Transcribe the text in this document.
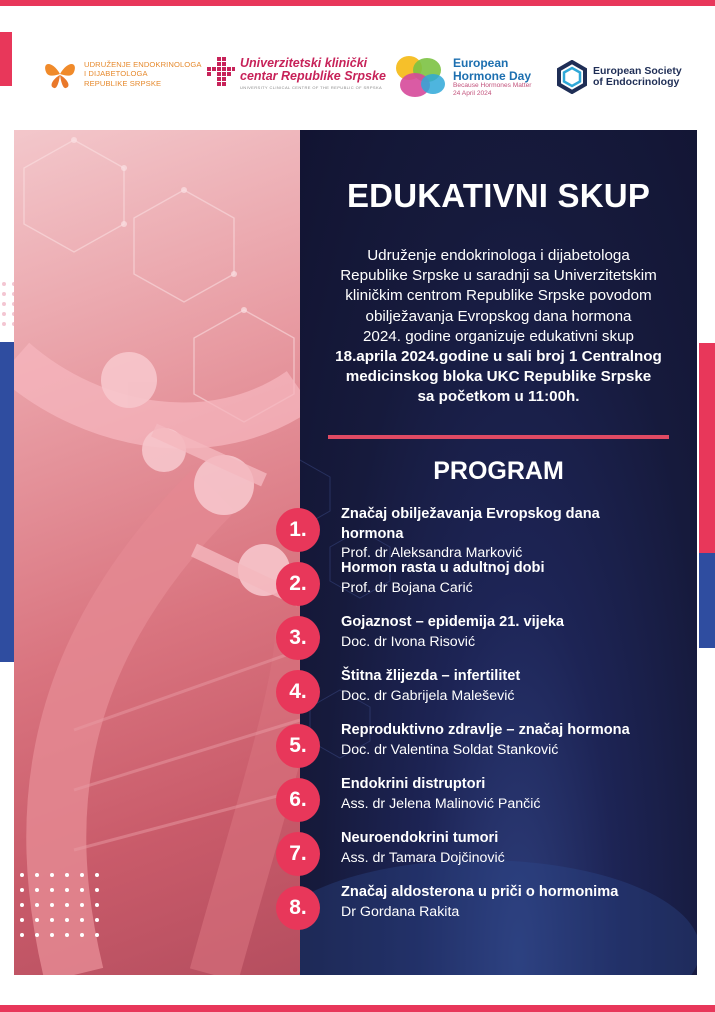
UDRUŽENJE ENDOKRINOLOGA
I DIJABETOLOGA
REPUBLIKE SRPSKE
Univerzitetski klinički
centar Republike Srpske
UNIVERSITY CLINICAL CENTRE OF THE REPUBLIC OF SRPSKA
European
Hormone Day
Because Hormones Matter
24 April 2024
European Society
of Endocrinology
EDUKATIVNI SKUP
Udruženje endokrinologa i dijabetologa
Republike Srpske u saradnji sa Univerzitetskim
kliničkim centrom Republike Srpske povodom
obilježavanja Evropskog dana hormona
2024. godine organizuje edukativni skup
18.aprila 2024.godine u sali broj 1 Centralnog
medicinskog bloka UKC Republike Srpske
sa početkom u 11:00h.
PROGRAM
1.
Značaj obilježavanja Evropskog dana
hormona
Prof. dr Aleksandra Marković
2.
Hormon rasta u adultnoj dobi
Prof. dr Bojana Carić
3.
Gojaznost – epidemija 21. vijeka
Doc. dr Ivona Risović
4.
Štitna žlijezda – infertilitet
Doc. dr Gabrijela Malešević
5.
Reproduktivno zdravlje – značaj hormona
Doc. dr Valentina Soldat Stanković
6.
Endokrini distruptori
Ass. dr Jelena Malinović Pančić
7.
Neuroendokrini tumori
Ass. dr Tamara Dojčinović
8.
Značaj aldosterona u priči o hormonima
Dr Gordana Rakita
